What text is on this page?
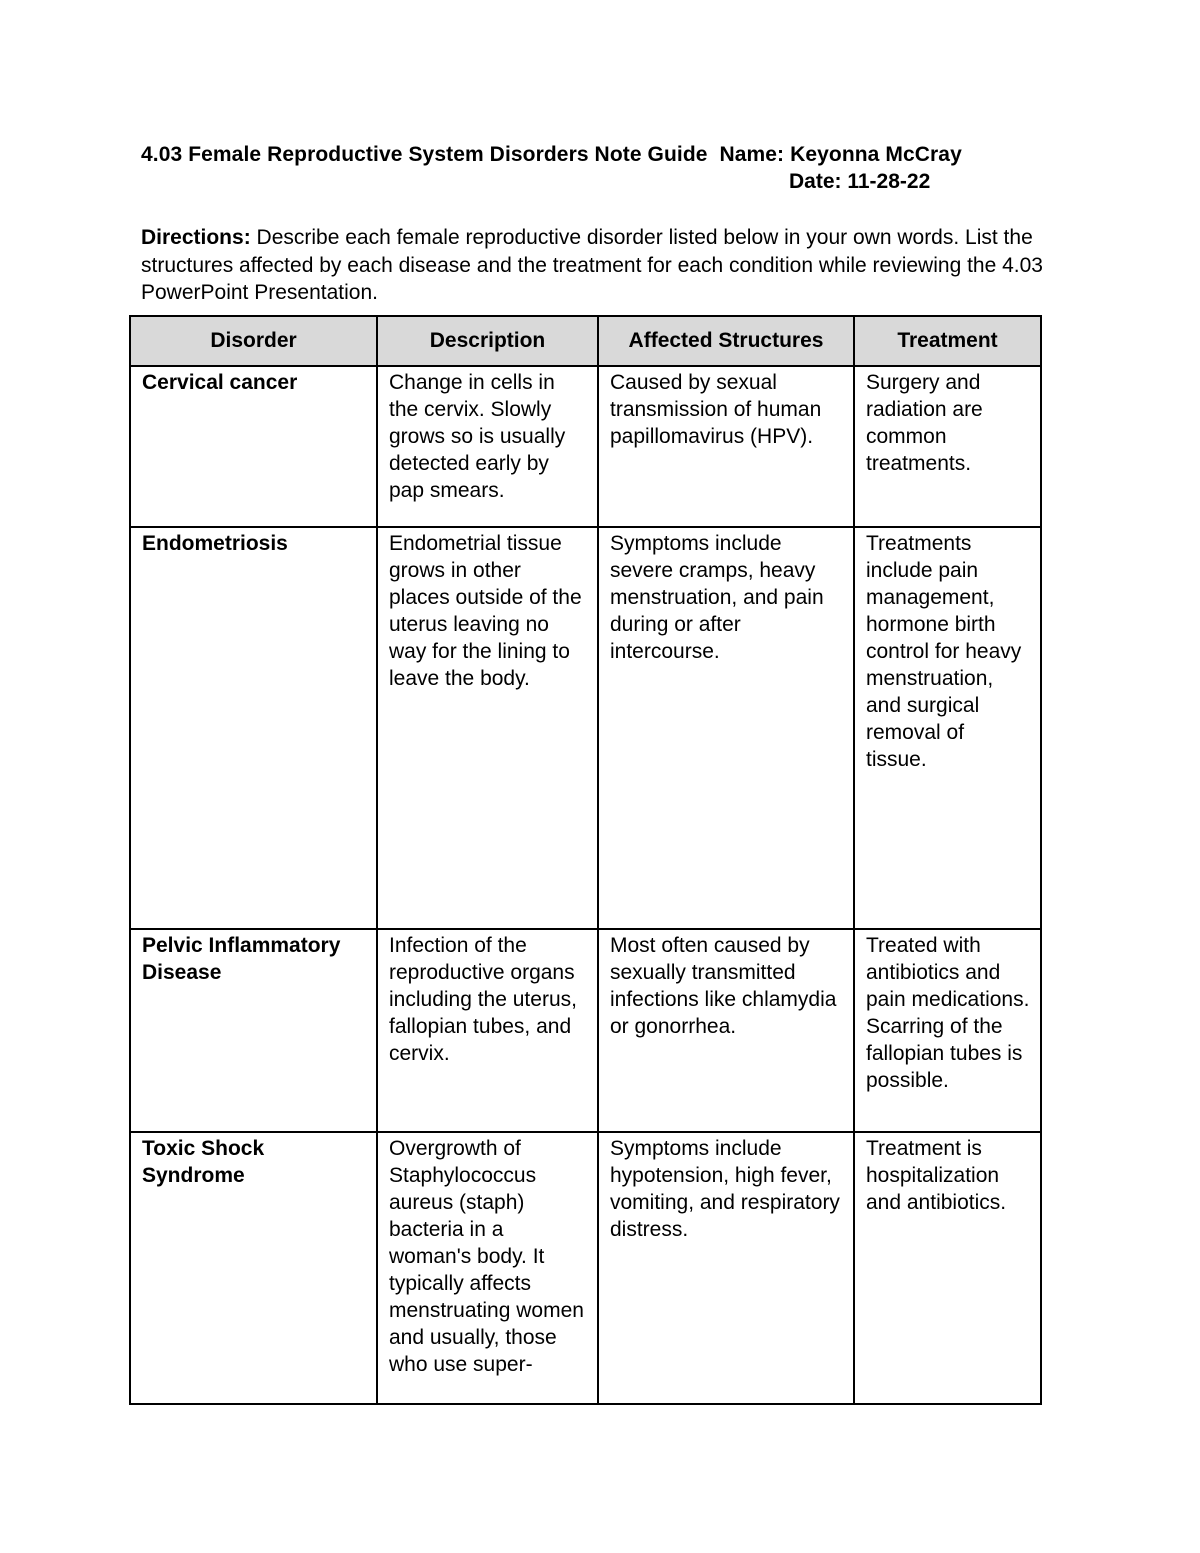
4.03 Female Reproductive System Disorders Note Guide Name: Keyonna McCray
Date: 11-28-22
Directions: Describe each female reproductive disorder listed below in your own words. List the structures affected by each disease and the treatment for each condition while reviewing the 4.03 PowerPoint Presentation.
Disorder	Description	Affected Structures	Treatment
Cervical cancer	Change in cells in the cervix. Slowly grows so is usually detected early by pap smears.	Caused by sexual transmission of human papillomavirus (HPV).	Surgery and radiation are common treatments.
Endometriosis	Endometrial tissue grows in other places outside of the uterus leaving no way for the lining to leave the body.	Symptoms include severe cramps, heavy menstruation, and pain during or after intercourse.	Treatments include pain management, hormone birth control for heavy menstruation, and surgical removal of tissue.
Pelvic Inflammatory Disease	Infection of the reproductive organs including the uterus, fallopian tubes, and cervix.	Most often caused by sexually transmitted infections like chlamydia or gonorrhea.	Treated with antibiotics and pain medications. Scarring of the fallopian tubes is possible.
Toxic Shock Syndrome	Overgrowth of Staphylococcus aureus (staph) bacteria in a woman's body. It typically affects menstruating women and usually, those who use super-	Symptoms include hypotension, high fever, vomiting, and respiratory distress.	Treatment is hospitalization and antibiotics.
